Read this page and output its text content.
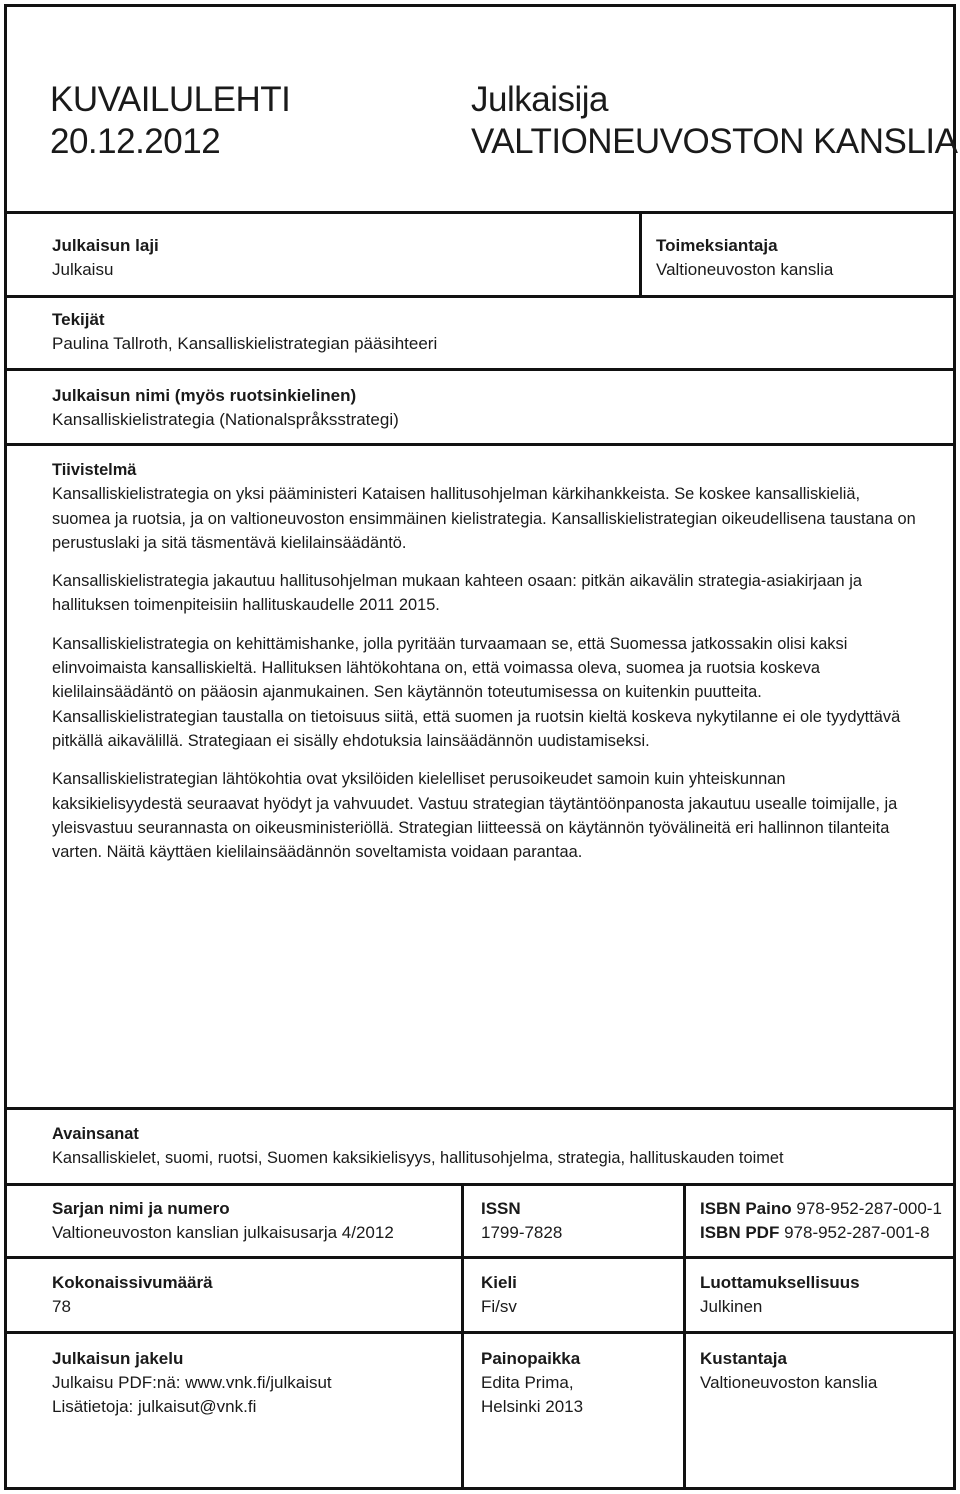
KUVAILULEHTI
20.12.2012
Julkaisija
VALTIONEUVOSTON KANSLIA
Julkaisun laji
Julkaisu
Toimeksiantaja
Valtioneuvoston kanslia
Tekijät
Paulina Tallroth, Kansalliskielistrategian pääsihteeri
Julkaisun nimi (myös ruotsinkielinen)
Kansalliskielistrategia (Nationalspråksstrategi)
Tiivistelmä

Kansalliskielistrategia on yksi pääministeri Kataisen hallitusohjelman kärkihankkeista. Se koskee kansalliskieliä, suomea ja ruotsia, ja on valtioneuvoston ensimmäinen kielistrategia. Kansalliskielistrategian oikeudellisena taustana on perustuslaki ja sitä täsmentävä kielilainsäädäntö.

Kansalliskielistrategia jakautuu hallitusohjelman mukaan kahteen osaan: pitkän aikavälin strategia-asiakirjaan ja hallituksen toimenpiteisiin hallituskaudelle 2011 2015.

Kansalliskielistrategia on kehittämishanke, jolla pyritään turvaamaan se, että Suomessa jatkossakin olisi kaksi elinvoimaista kansalliskieltä. Hallituksen lähtökohtana on, että voimassa oleva, suomea ja ruotsia koskeva kielilainsäädäntö on pääosin ajanmukainen. Sen käytännön toteutumisessa on kuitenkin puutteita. Kansalliskielistrategian taustalla on tietoisuus siitä, että suomen ja ruotsin kieltä koskeva nykytilanne ei ole tyydyttävä pitkällä aikavälillä. Strategiaan ei sisälly ehdotuksia lainsäädännön uudistamiseksi.

Kansalliskielistrategian lähtökohtia ovat yksilöiden kielelliset perusoikeudet samoin kuin yhteiskunnan kaksikielisyydestä seuraavat hyödyt ja vahvuudet. Vastuu strategian täytäntöönpanosta jakautuu usealle toimijalle, ja yleisvastuu seurannasta on oikeusministeriöllä. Strategian liitteessä on käytännön työvälineitä eri hallinnon tilanteita varten. Näitä käyttäen kielilainsäädännön soveltamista voidaan parantaa.

Avainsanat
Kansalliskielet, suomi, ruotsi, Suomen kaksikielisyys, hallitusohjelma, strategia, hallituskauden toimet
Sarjan nimi ja numero
Valtioneuvoston kanslian julkaisusarja 4/2012
ISSN
1799-7828
ISBN Paino 978-952-287-000-1
ISBN PDF 978-952-287-001-8
Kokonaissivumäärä
78
Kieli
Fi/sv
Luottamuksellisuus
Julkinen
Julkaisun jakelu
Julkaisu PDF:nä: www.vnk.fi/julkaisut
Lisätietoja: julkaisut@vnk.fi
Painopaikka
Edita Prima,
Helsinki 2013
Kustantaja
Valtioneuvoston kanslia
